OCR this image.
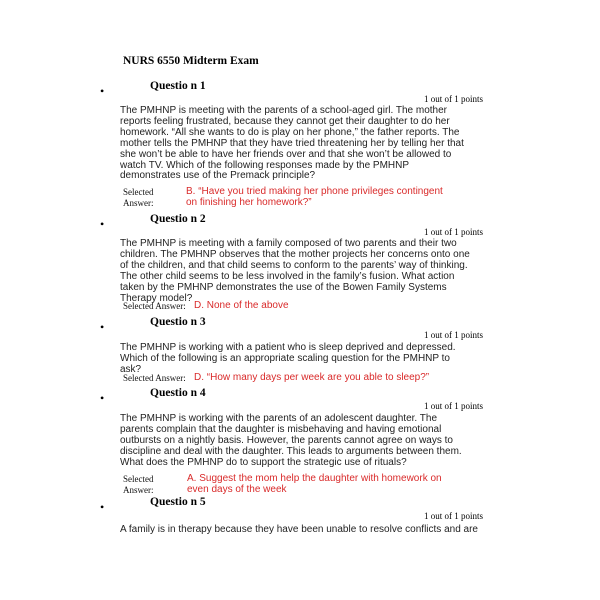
NURS 6550 Midterm Exam
•	Questio n 1
1 out of 1 points
The PMHNP is meeting with the parents of a school-aged girl. The mother reports feeling frustrated, because they cannot get their daughter to do her homework. “All she wants to do is play on her phone,” the father reports. The mother tells the PMHNP that they have tried threatening her by telling her that she won’t be able to have her friends over and that she won’t be allowed to watch TV. Which of the following responses made by the PMHNP demonstrates use of the Premack principle?
Selected
Answer:
B. “Have you tried making her phone privileges contingent on finishing her homework?”
•	Questio n 2
1 out of 1 points
The PMHNP is meeting with a family composed of two parents and their two children. The PMHNP observes that the mother projects her concerns onto one of the children, and that child seems to conform to the parents’ way of thinking. The other child seems to be less involved in the family’s fusion. What action taken by the PMHNP demonstrates the use of the Bowen Family Systems Therapy model?
Selected Answer: D. None of the above
•	Questio n 3
1 out of 1 points
The PMHNP is working with a patient who is sleep deprived and depressed. Which of the following is an appropriate scaling question for the PMHNP to ask?
Selected Answer: D. “How many days per week are you able to sleep?”
•	Questio n 4
1 out of 1 points
The PMHNP is working with the parents of an adolescent daughter. The parents complain that the daughter is misbehaving and having emotional outbursts on a nightly basis. However, the parents cannot agree on ways to discipline and deal with the daughter. This leads to arguments between them. What does the PMHNP do to support the strategic use of rituals?
Selected
Answer:
A. Suggest the mom help the daughter with homework on even days of the week
•	Questio n 5
1 out of 1 points
A family is in therapy because they have been unable to resolve conflicts and are
